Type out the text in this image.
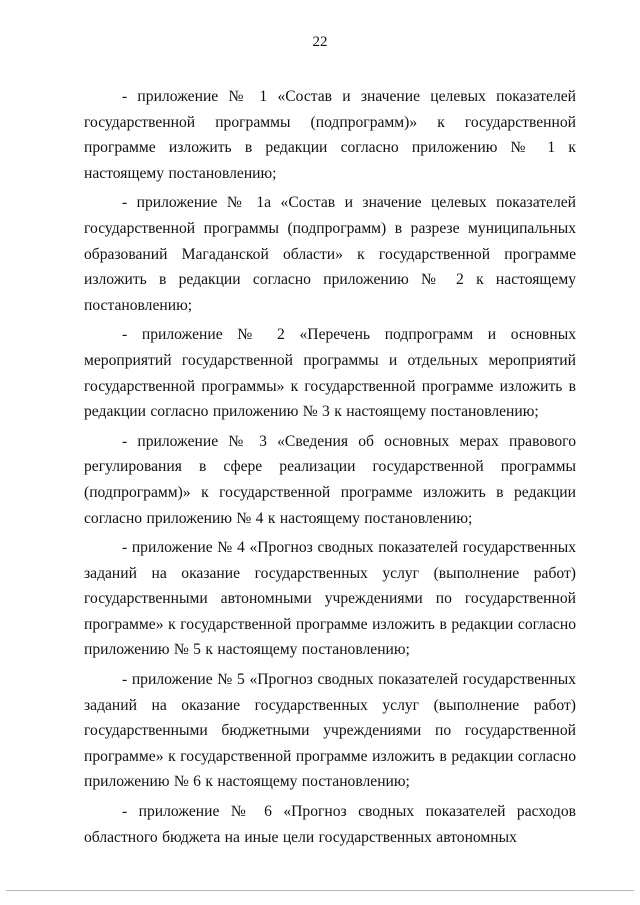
22

- приложение № 1 «Состав и значение целевых показателей государственной программы (подпрограмм)» к государственной программе изложить в редакции согласно приложению № 1 к настоящему постановлению;

- приложение № 1а «Состав и значение целевых показателей государственной программы (подпрограмм) в разрезе муниципальных образований Магаданской области» к государственной программе изложить в редакции согласно приложению № 2 к настоящему постановлению;

- приложение № 2 «Перечень подпрограмм и основных мероприятий государственной программы и отдельных мероприятий государственной программы» к государственной программе изложить в редакции согласно приложению № 3 к настоящему постановлению;

- приложение № 3 «Сведения об основных мерах правового регулирования в сфере реализации государственной программы (подпрограмм)» к государственной программе изложить в редакции согласно приложению № 4 к настоящему постановлению;

- приложение № 4 «Прогноз сводных показателей государственных заданий на оказание государственных услуг (выполнение работ) государственными автономными учреждениями по государственной программе» к государственной программе изложить в редакции согласно приложению № 5 к настоящему постановлению;

- приложение № 5 «Прогноз сводных показателей государственных заданий на оказание государственных услуг (выполнение работ) государственными бюджетными учреждениями по государственной программе» к государственной программе изложить в редакции согласно приложению № 6 к настоящему постановлению;

- приложение № 6 «Прогноз сводных показателей расходов областного бюджета на иные цели государственных автономных
